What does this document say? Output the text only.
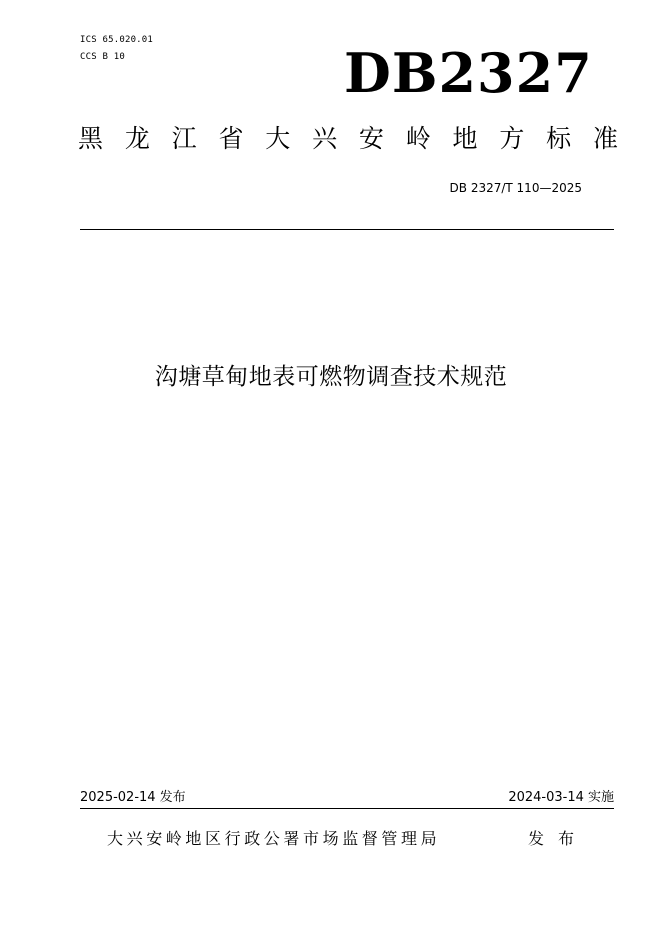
ICS 65.020.01
CCS B 10	DB2327
黑 龙 江 省 大 兴 安 岭 地 方 标 准
DB 2327/T 110—2025
沟塘草甸地表可燃物调查技术规范
2025-02-14 发布	2024-03-14 实施
大兴安岭地区行政公署市场监督管理局	发布
